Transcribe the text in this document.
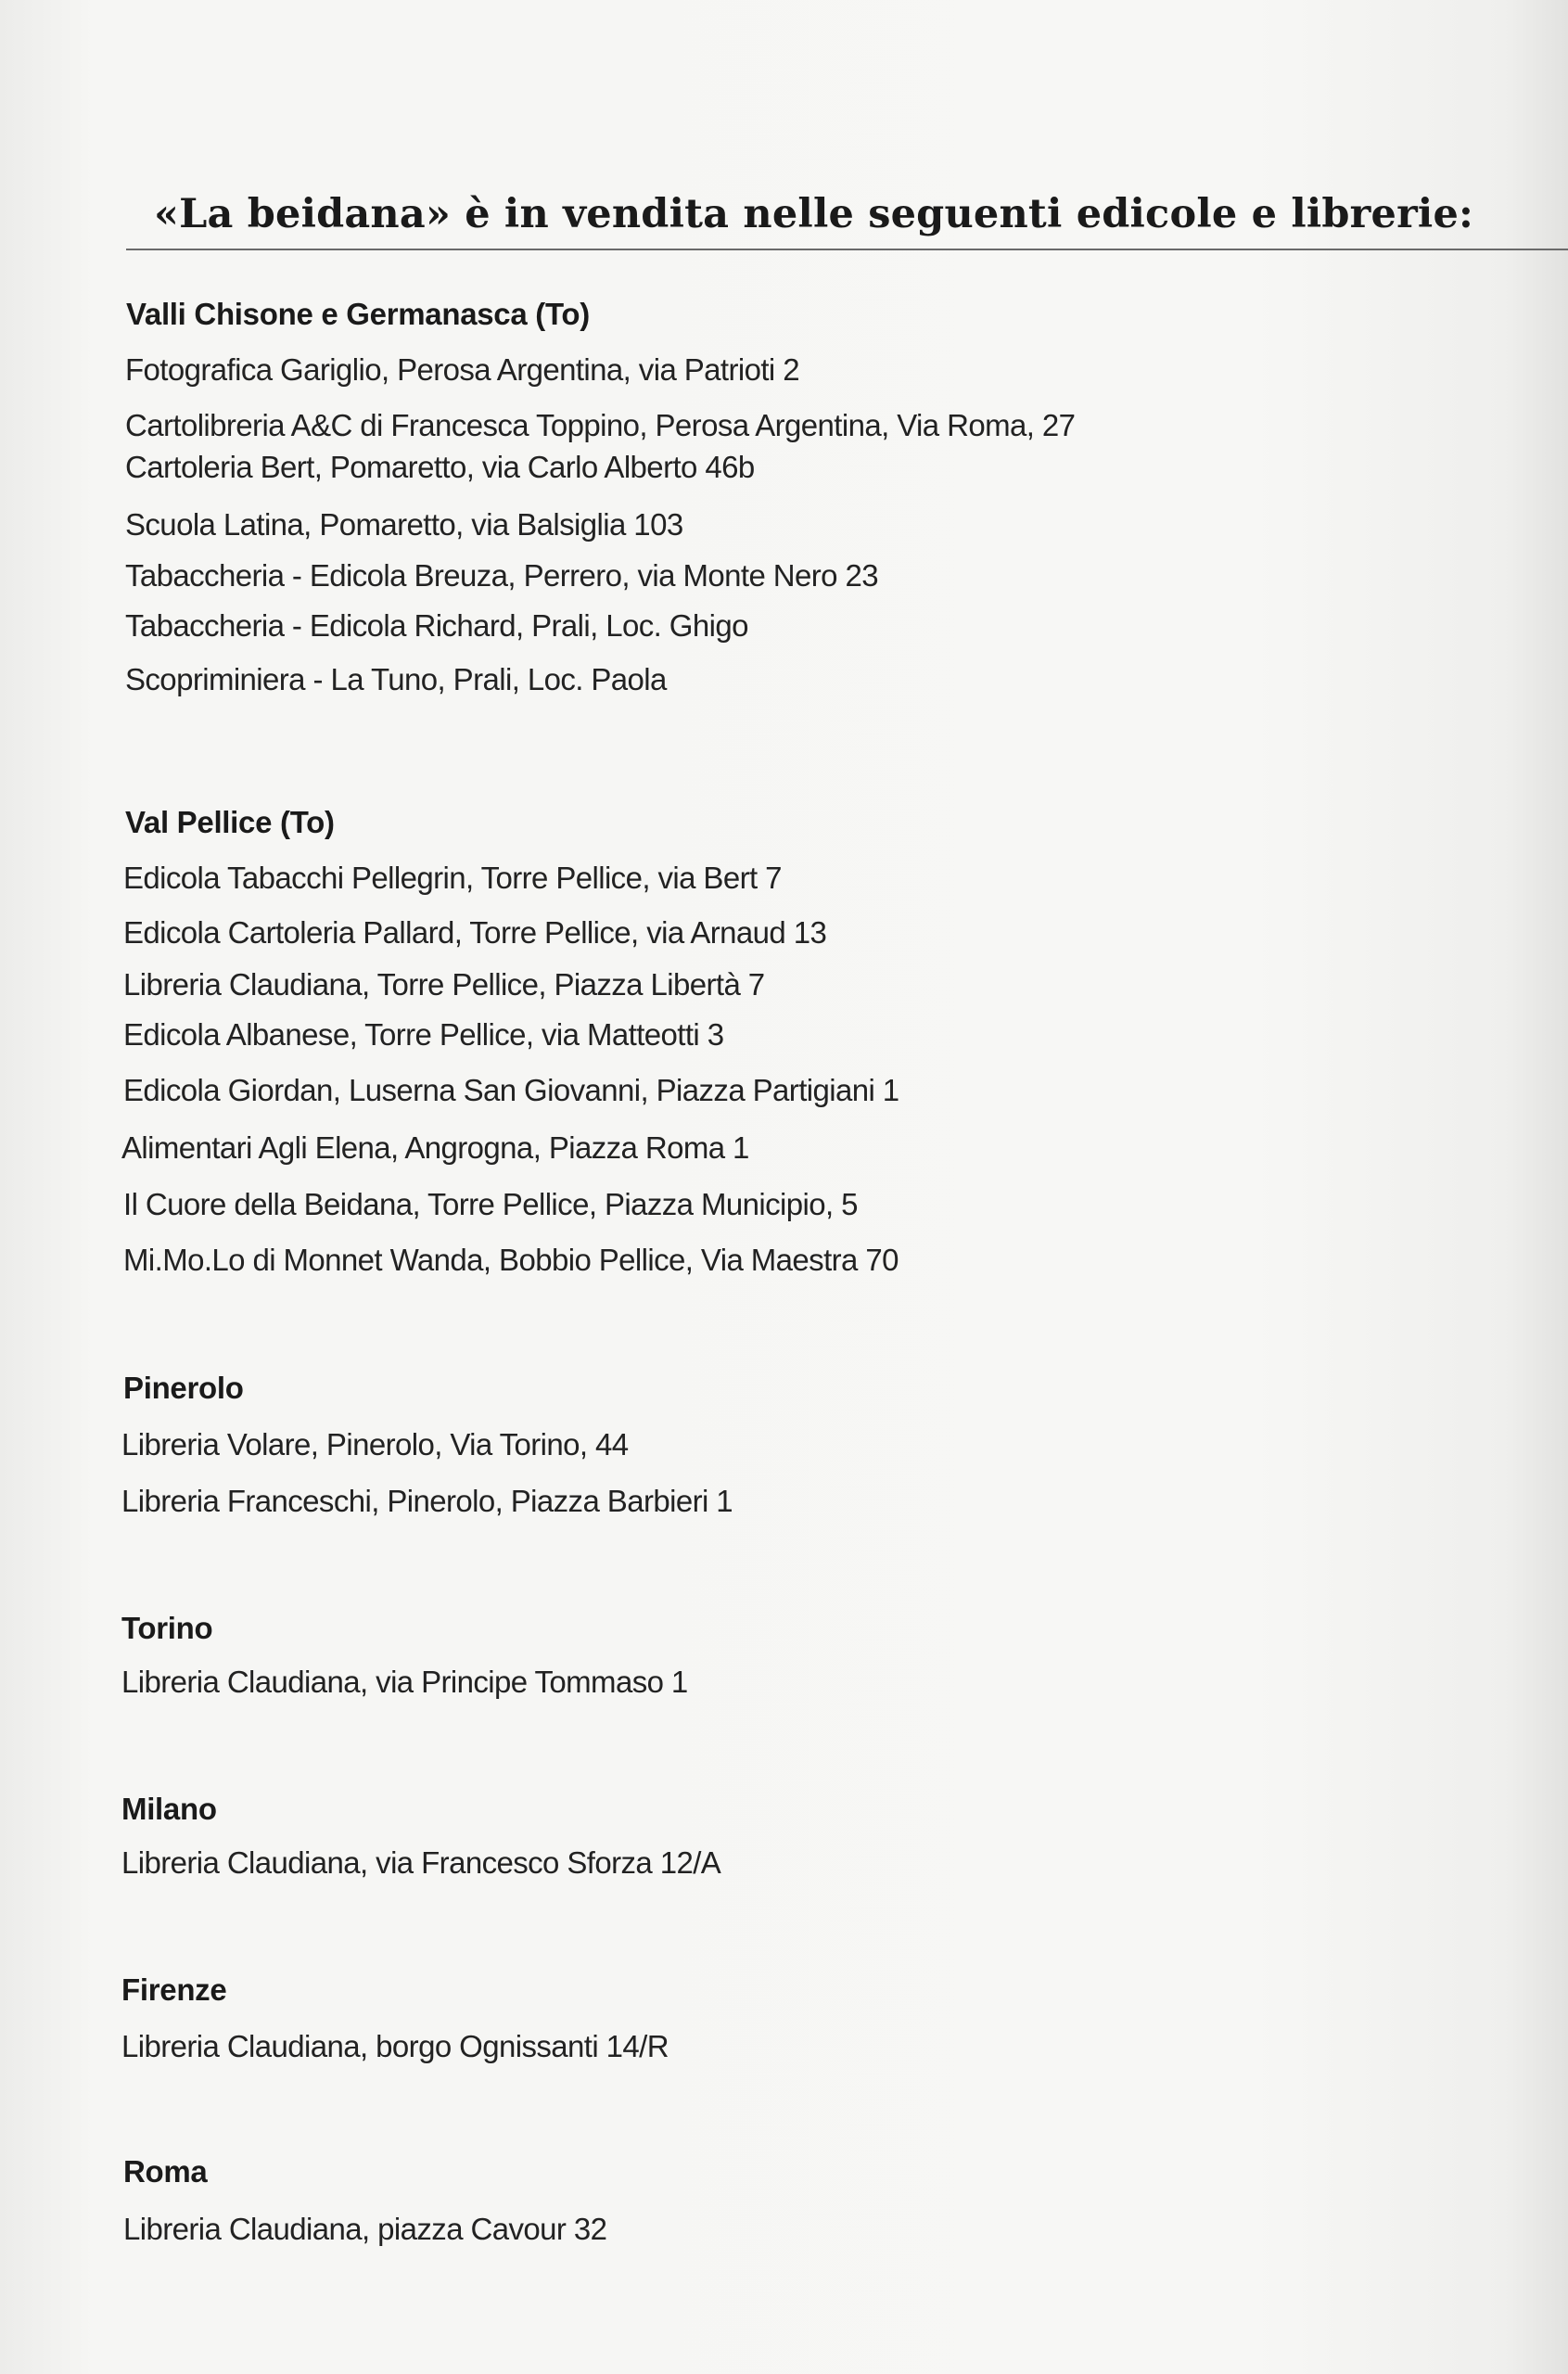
«La beidana» è in vendita nelle seguenti edicole e librerie:
Valli Chisone e Germanasca (To)
Fotografica Gariglio, Perosa Argentina, via Patrioti 2
Cartolibreria A&C di Francesca Toppino, Perosa Argentina, Via Roma, 27
Cartoleria Bert, Pomaretto, via Carlo Alberto 46b
Scuola Latina, Pomaretto, via Balsiglia 103
Tabaccheria - Edicola Breuza, Perrero, via Monte Nero 23
Tabaccheria - Edicola Richard, Prali, Loc. Ghigo
Scopriminiera - La Tuno, Prali, Loc. Paola
Val Pellice (To)
Edicola Tabacchi Pellegrin, Torre Pellice, via Bert 7
Edicola Cartoleria Pallard, Torre Pellice, via Arnaud 13
Libreria Claudiana, Torre Pellice, Piazza Libertà 7
Edicola Albanese, Torre Pellice, via Matteotti 3
Edicola Giordan, Luserna San Giovanni, Piazza Partigiani 1
Alimentari Agli Elena, Angrogna, Piazza Roma 1
Il Cuore della Beidana, Torre Pellice, Piazza Municipio, 5
Mi.Mo.Lo di Monnet Wanda, Bobbio Pellice, Via Maestra 70
Pinerolo
Libreria Volare, Pinerolo, Via Torino, 44
Libreria Franceschi, Pinerolo, Piazza Barbieri 1
Torino
Libreria Claudiana, via Principe Tommaso 1
Milano
Libreria Claudiana, via Francesco Sforza 12/A
Firenze
Libreria Claudiana, borgo Ognissanti 14/R
Roma
Libreria Claudiana, piazza Cavour 32
